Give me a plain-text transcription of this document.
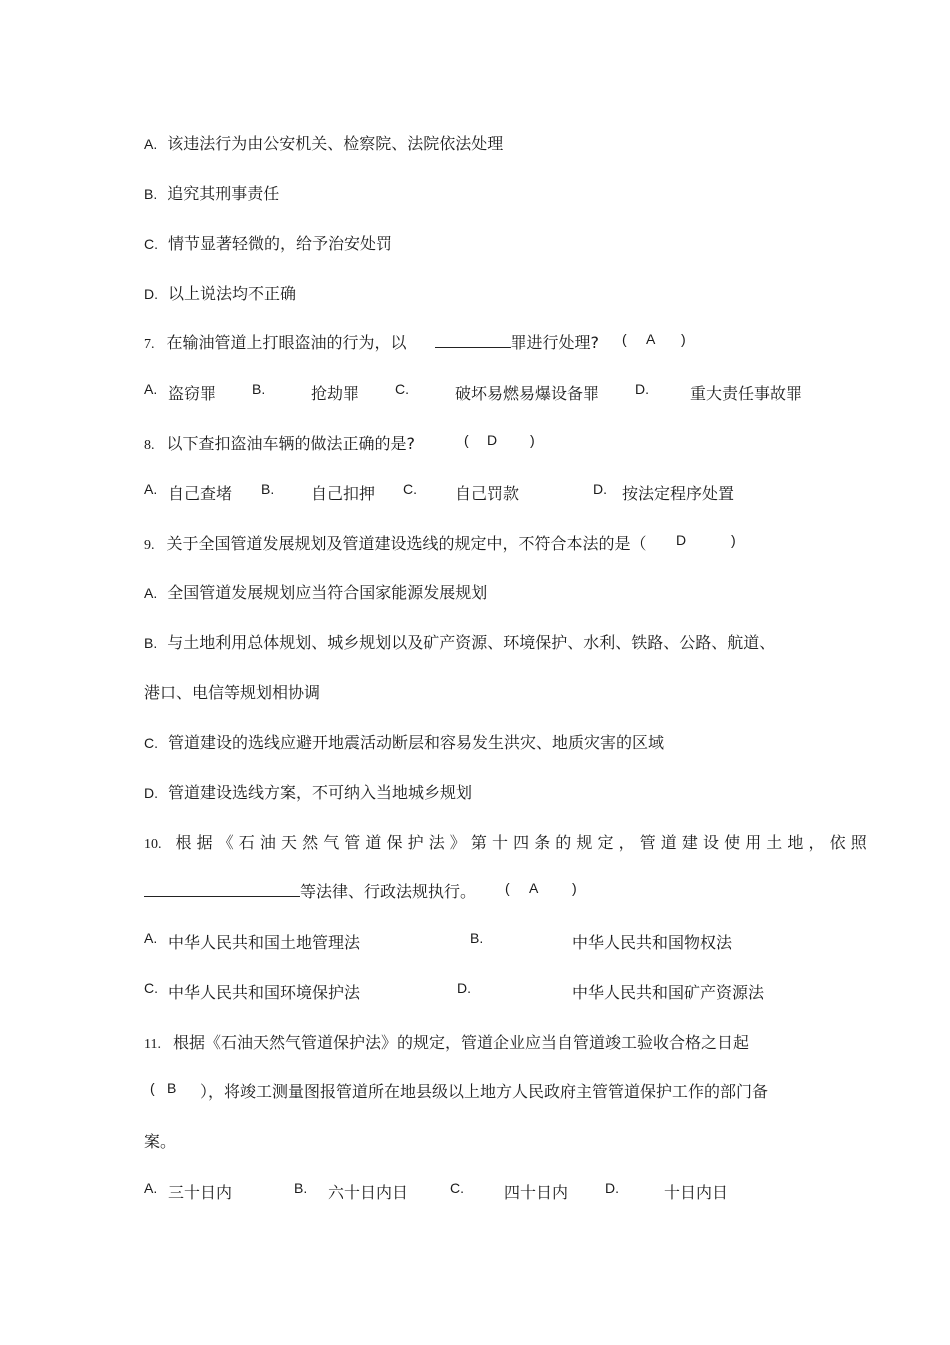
A. 该违法行为由公安机关、检察院、法院依法处理
B. 追究其刑事责任
C. 情节显著轻微的，给予治安处罚
D. 以上说法均不正确
7. 在输油管道上打眼盗油的行为，以	罪进行处理? ( A )
A. 盗窃罪	B.	抢劫罪	C.	破坏易燃易爆设备罪	D.	重大责任事故罪
8. 以下查扣盗油车辆的做法正确的是?	( D )
A. 自己查堵 B. 自己扣押 C. 自己罚款	D. 按法定程序处置
9. 关于全国管道发展规划及管道建设选线的规定中，不符合本法的是（ D	)
A. 全国管道发展规划应当符合国家能源发展规划
B. 与土地利用总体规划、城乡规划以及矿产资源、环境保护、水利、铁路、公路、航道、
港口、电信等规划相协调
C. 管道建设的选线应避开地震活动断层和容易发生洪灾、地质灾害的区域
D. 管道建设选线方案，不可纳入当地城乡规划
10. 根据《石油天然气管道保护法》第十四条的规定，管道建设使用土地，依照
等法律、行政法规执行。 ( A )
A. 中华人民共和国土地管理法	B.	中华人民共和国物权法
C. 中华人民共和国环境保护法	D.	中华人民共和国矿产资源法
11. 根据《石油天然气管道保护法》的规定，管道企业应当自管道竣工验收合格之日起
( B ），将竣工测量图报管道所在地县级以上地方人民政府主管管道保护工作的部门备
案。
A. 三十日内	B. 六十日内日	C.	四十日内	D.	十日内日
